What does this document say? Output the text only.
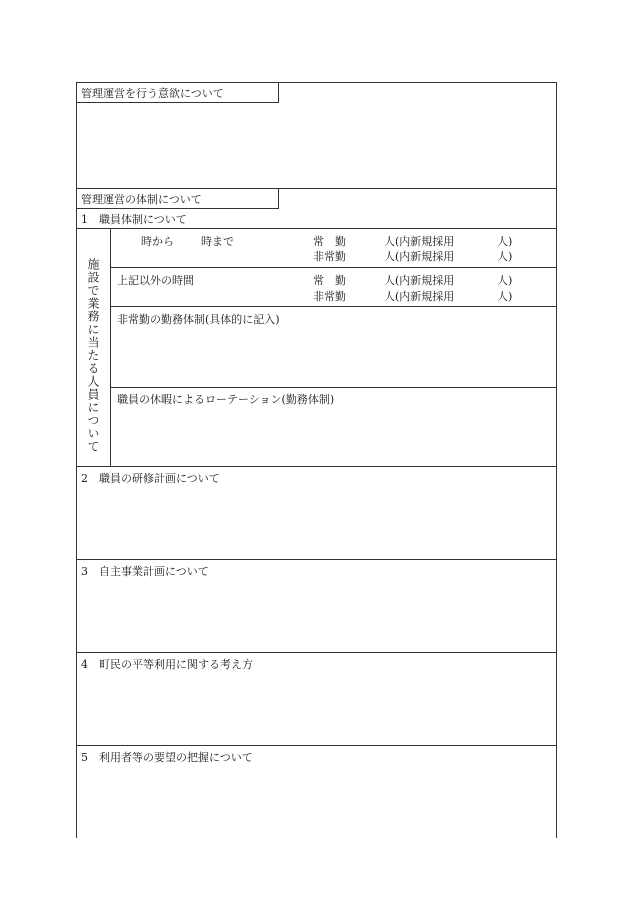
管理運営を行う意欲について
管理運営の体制について
1　職員体制について
施設で業務に当たる人員について
時から 時まで	常　勤	人(内新規採用	人)
非常勤	人(内新規採用	人)
上記以外の時間	常　勤	人(内新規採用	人)
非常勤	人(内新規採用	人)
非常勤の勤務体制(具体的に記入)
職員の休暇によるローテーション(勤務体制)
2　職員の研修計画について
3　自主事業計画について
4　町民の平等利用に関する考え方
5　利用者等の要望の把握について
